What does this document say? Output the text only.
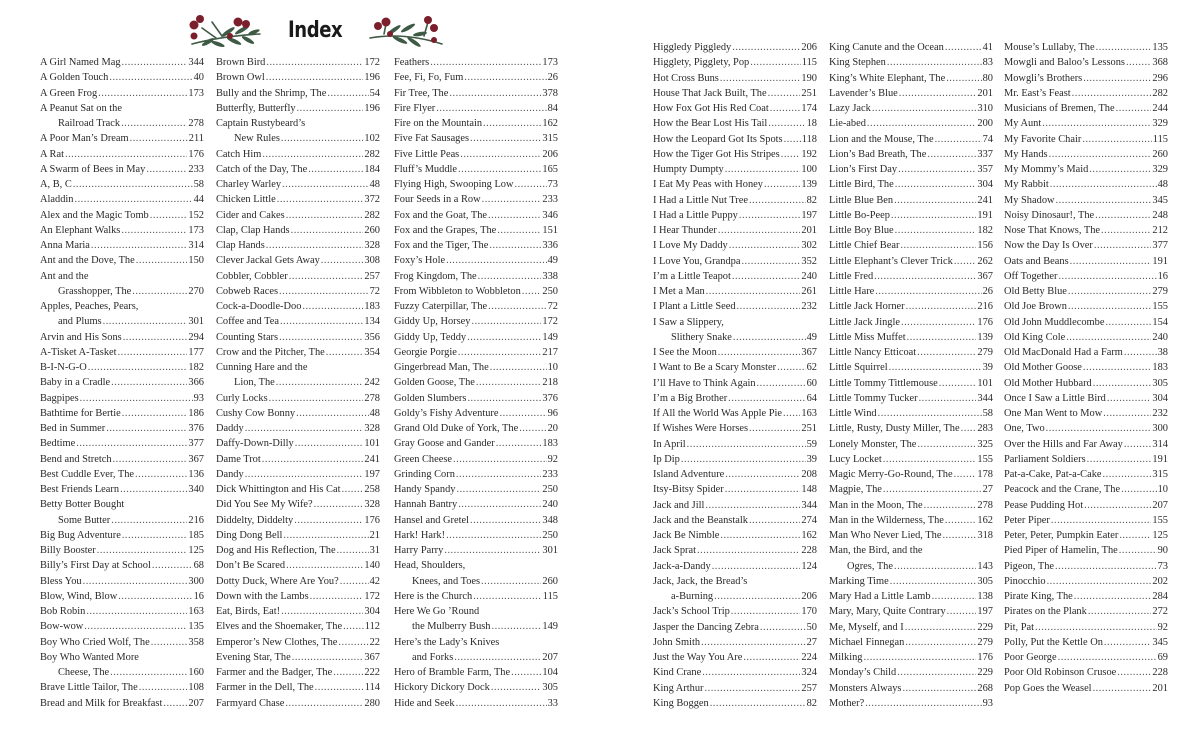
Index
A Girl Named Mag .....	344
A Golden Touch .....	40
A Green Frog .....	173
A Peanut Sat on the
Railroad Track .....	278
A Poor Man’s Dream .....	211
A Rat .....	176
A Swarm of Bees in May .....	233
A, B, C .....	58
Aladdin .....	44
Alex and the Magic Tomb .....	152
An Elephant Walks .....	173
Anna Maria .....	314
Ant and the Dove, The .....	150
Ant and the
Grasshopper, The .....	270
Apples, Peaches, Pears,
and Plums .....	301
Arvin and His Sons .....	294
A-Tisket A-Tasket .....	177
B-I-N-G-O .....	182
Baby in a Cradle .....	366
Bagpipes .....	93
Bathtime for Bertie .....	186
Bed in Summer .....	376
Bedtime .....	377
Bend and Stretch .....	367
Best Cuddle Ever, The .....	136
Best Friends Learn .....	340
Betty Botter Bought
Some Butter .....	216
Big Bug Adventure .....	185
Billy Booster .....	125
Billy’s First Day at School .....	68
Bless You .....	300
Blow, Wind, Blow .....	16
Bob Robin .....	163
Bow-wow .....	135
Boy Who Cried Wolf, The .....	358
Boy Who Wanted More
Cheese, The .....	160
Brave Little Tailor, The .....	108
Bread and Milk for Breakfast .....	207
Brown Bird .....	172
Brown Owl .....	196
Bully and the Shrimp, The .....	54
Butterfly, Butterfly .....	196
Captain Rustybeard’s
New Rules .....	102
Catch Him .....	282
Catch of the Day, The .....	184
Charley Warley .....	48
Chicken Little .....	372
Cider and Cakes .....	282
Clap, Clap Hands .....	260
Clap Hands .....	328
Clever Jackal Gets Away .....	308
Cobbler, Cobbler .....	257
Cobweb Races .....	72
Cock-a-Doodle-Doo .....	183
Coffee and Tea .....	134
Counting Stars .....	356
Crow and the Pitcher, The .....	354
Cunning Hare and the
Lion, The .....	242
Curly Locks .....	278
Cushy Cow Bonny .....	48
Daddy .....	328
Daffy-Down-Dilly .....	101
Dame Trot .....	241
Dandy .....	197
Dick Whittington and His Cat ..... 258
Did You See My Wife? .....	328
Diddelty, Diddelty .....	176
Ding Dong Bell .....	21
Dog and His Reflection, The .....	31
Don’t Be Scared .....	140
Dotty Duck, Where Are You? .....	42
Down with the Lambs .....	172
Eat, Birds, Eat! .....	304
Elves and the Shoemaker, The ..... 112
Emperor’s New Clothes, The .....	22
Evening Star, The .....	367
Farmer and the Badger, The .....	222
Farmer in the Dell, The .....	114
Farmyard Chase .....	280
Feathers .....	173
Fee, Fi, Fo, Fum .....	26
Fir Tree, The .....	378
Fire Flyer .....	84
Fire on the Mountain .....	162
Five Fat Sausages .....	315
Five Little Peas .....	206
Fluff’s Muddle .....	165
Flying High, Swooping Low .....	73
Four Seeds in a Row .....	233
Fox and the Goat, The .....	346
Fox and the Grapes, The .....	151
Fox and the Tiger, The .....	336
Foxy’s Hole .....	49
Frog Kingdom, The .....	338
From Wibbleton to Wobbleton ..... 250
Fuzzy Caterpillar, The .....	72
Giddy Up, Horsey .....	172
Giddy Up, Teddy .....	149
Georgie Porgie .....	217
Gingerbread Man, The .....	10
Golden Goose, The .....	218
Golden Slumbers .....	376
Goldy’s Fishy Adventure .....	96
Grand Old Duke of York, The .....	20
Gray Goose and Gander .....	183
Green Cheese .....	92
Grinding Corn .....	233
Handy Spandy .....	250
Hannah Bantry .....	240
Hansel and Gretel .....	348
Hark! Hark! .....	250
Harry Parry .....	301
Head, Shoulders,
Knees, and Toes .....	260
Here is the Church .....	115
Here We Go ’Round
the Mulberry Bush .....	149
Here’s the Lady’s Knives
and Forks .....	207
Hero of Bramble Farm, The .....	104
Hickory Dickory Dock .....	305
Hide and Seek .....	33
Higgledy Piggledy .....	206
Higglety, Pigglety, Pop .....	115
Hot Cross Buns .....	190
House That Jack Built, The .....	251
How Fox Got His Red Coat .....	174
How the Bear Lost His Tail .....	18
How the Leopard Got Its Spots ..... 118
How the Tiger Got His Stripes ..... 192
Humpty Dumpty .....	100
I Eat My Peas with Honey .....	139
I Had a Little Nut Tree .....	82
I Had a Little Puppy .....	197
I Hear Thunder .....	201
I Love My Daddy .....	302
I Love You, Grandpa .....	352
I’m a Little Teapot .....	240
I Met a Man .....	261
I Plant a Little Seed .....	232
I Saw a Slippery,
Slithery Snake .....	49
I See the Moon .....	367
I Want to Be a Scary Monster .....	62
I’ll Have to Think Again .....	60
I’m a Big Brother .....	64
If All the World Was Apple Pie ..... 163
If Wishes Were Horses .....	251
In April .....	59
Ip Dip .....	39
Island Adventure .....	208
Itsy-Bitsy Spider .....	148
Jack and Jill .....	344
Jack and the Beanstalk .....	274
Jack Be Nimble .....	162
Jack Sprat .....	228
Jack-a-Dandy .....	124
Jack, Jack, the Bread’s
a-Burning .....	206
Jack’s School Trip .....	170
Jasper the Dancing Zebra .....	50
John Smith .....	27
Just the Way You Are .....	224
Kind Crane .....	324
King Arthur .....	257
King Boggen .....	82
King Canute and the Ocean .....	41
King Stephen .....	83
King’s White Elephant, The .....	80
Lavender’s Blue .....	201
Lazy Jack .....	310
Lie-abed .....	200
Lion and the Mouse, The .....	74
Lion’s Bad Breath, The .....	337
Lion’s First Day .....	357
Little Bird, The .....	304
Little Blue Ben .....	241
Little Bo-Peep .....	191
Little Boy Blue .....	182
Little Chief Bear .....	156
Little Elephant’s Clever Trick ..... 262
Little Fred .....	367
Little Hare .....	26
Little Jack Horner .....	216
Little Jack Jingle .....	176
Little Miss Muffet .....	139
Little Nancy Etticoat .....	279
Little Squirrel .....	39
Little Tommy Tittlemouse .....	101
Little Tommy Tucker .....	344
Little Wind .....	58
Little, Rusty, Dusty Miller, The ..... 283
Lonely Monster, The .....	325
Lucy Locket .....	155
Magic Merry-Go-Round, The ..... 178
Magpie, The .....	27
Man in the Moon, The .....	278
Man in the Wilderness, The .....	162
Man Who Never Lied, The .....	318
Man, the Bird, and the
Ogres, The .....	143
Marking Time .....	305
Mary Had a Little Lamb .....	138
Mary, Mary, Quite Contrary .....	197
Me, Myself, and I .....	229
Michael Finnegan .....	279
Milking .....	176
Monday’s Child .....	229
Monsters Always .....	268
Mother? .....	93
Mouse’s Lullaby, The .....	135
Mowgli and Baloo’s Lessons .....	368
Mowgli’s Brothers .....	296
Mr. East’s Feast .....	282
Musicians of Bremen, The .....	244
My Aunt .....	329
My Favorite Chair .....	115
My Hands .....	260
My Mommy’s Maid .....	329
My Rabbit .....	48
My Shadow .....	345
Noisy Dinosaur!, The .....	248
Nose That Knows, The .....	212
Now the Day Is Over .....	377
Oats and Beans .....	191
Off Together .....	16
Old Betty Blue .....	279
Old Joe Brown .....	155
Old John Muddlecombe .....	154
Old King Cole .....	240
Old MacDonald Had a Farm .....	38
Old Mother Goose .....	183
Old Mother Hubbard .....	305
Once I Saw a Little Bird .....	304
One Man Went to Mow .....	232
One, Two .....	300
Over the Hills and Far Away .....	314
Parliament Soldiers .....	191
Pat-a-Cake, Pat-a-Cake .....	315
Peacock and the Crane, The .....	10
Pease Pudding Hot .....	207
Peter Piper .....	155
Peter, Peter, Pumpkin Eater .....	125
Pied Piper of Hamelin, The .....	90
Pigeon, The .....	73
Pinocchio .....	202
Pirate King, The .....	284
Pirates on the Plank .....	272
Pit, Pat .....	92
Polly, Put the Kettle On .....	345
Poor George .....	69
Poor Old Robinson Crusoe .....	228
Pop Goes the Weasel .....	201
